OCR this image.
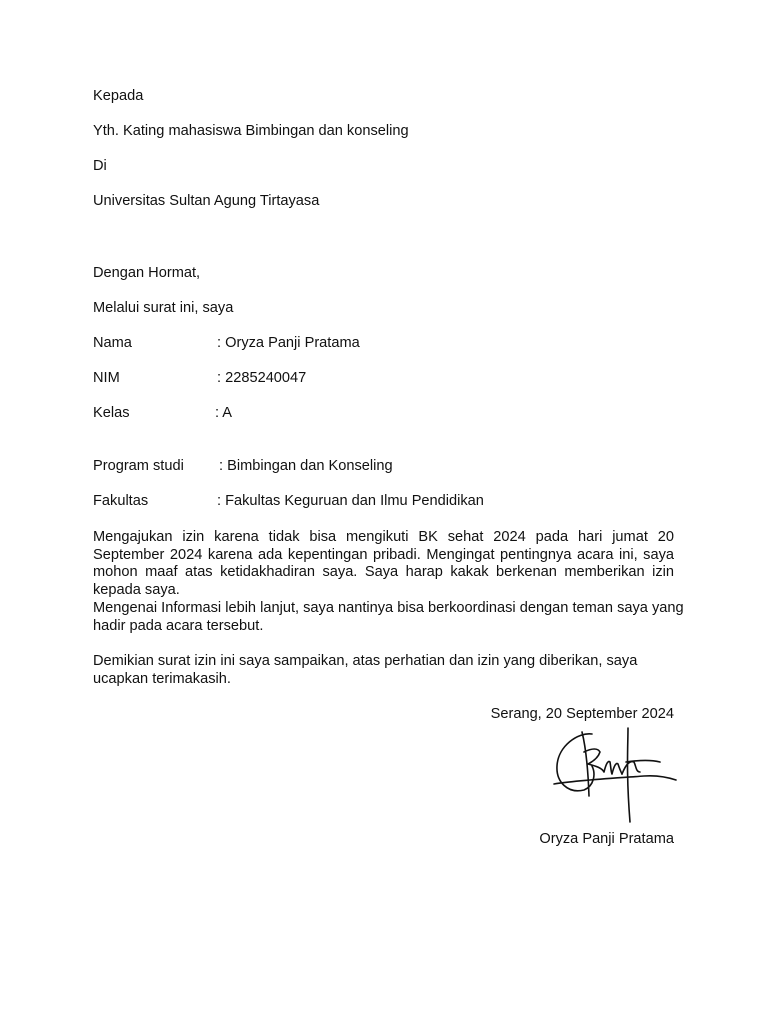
Kepada
Yth. Kating mahasiswa Bimbingan dan konseling
Di
Universitas Sultan Agung Tirtayasa
Dengan Hormat,
Melalui surat ini, saya
Nama	: Oryza Panji Pratama
NIM	: 2285240047
Kelas	: A
Program studi : Bimbingan dan Konseling
Fakultas	: Fakultas Keguruan dan Ilmu Pendidikan
Mengajukan izin karena tidak bisa mengikuti BK sehat 2024 pada hari jumat 20 September 2024 karena ada kepentingan pribadi. Mengingat pentingnya acara ini, saya mohon maaf atas ketidakhadiran saya. Saya harap kakak berkenan memberikan izin kepada saya.
Mengenai Informasi lebih lanjut, saya nantinya bisa berkoordinasi dengan teman saya yang
hadir pada acara tersebut.
Demikian surat izin ini saya sampaikan, atas perhatian dan izin yang diberikan, saya
ucapkan terimakasih.
Serang, 20 September 2024
Oryza Panji Pratama
